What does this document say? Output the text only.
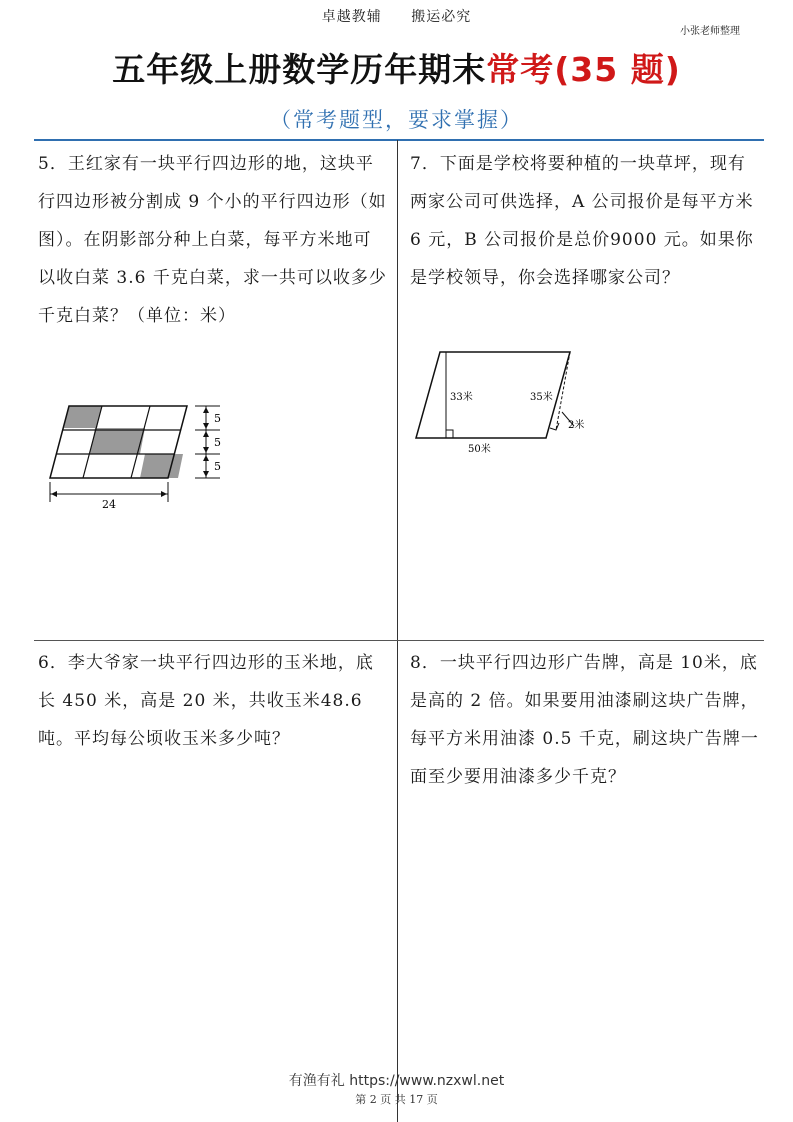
卓越教辅 搬运必究
小张老师整理
五年级上册数学历年期末常考(35 题)
（常考题型，要求掌握）
5．王红家有一块平行四边形的地，这块平行四边形被分割成 9 个小的平行四边形（如图）。在阴影部分种上白菜，每平方米地可以收白菜 3.6 千克白菜，求一共可以收多少千克白菜？（单位：米）
7．下面是学校将要种植的一块草坪，现有两家公司可供选择，A 公司报价是每平方米 6 元，B 公司报价是总价9000 元。如果你是学校领导，你会选择哪家公司？
6．李大爷家一块平行四边形的玉米地，底长 450 米，高是 20 米，共收玉米48.6 吨。平均每公顷收玉米多少吨？
8．一块平行四边形广告牌，高是 10米，底是高的 2 倍。如果要用油漆刷这块广告牌，每平方米用油漆 0.5 千克，刷这块广告牌一面至少要用油漆多少千克？
5
5
5
24
33米	35米
2米
50米
有渔有礼 https://www.nzxwl.net
第 2 页 共 17 页
